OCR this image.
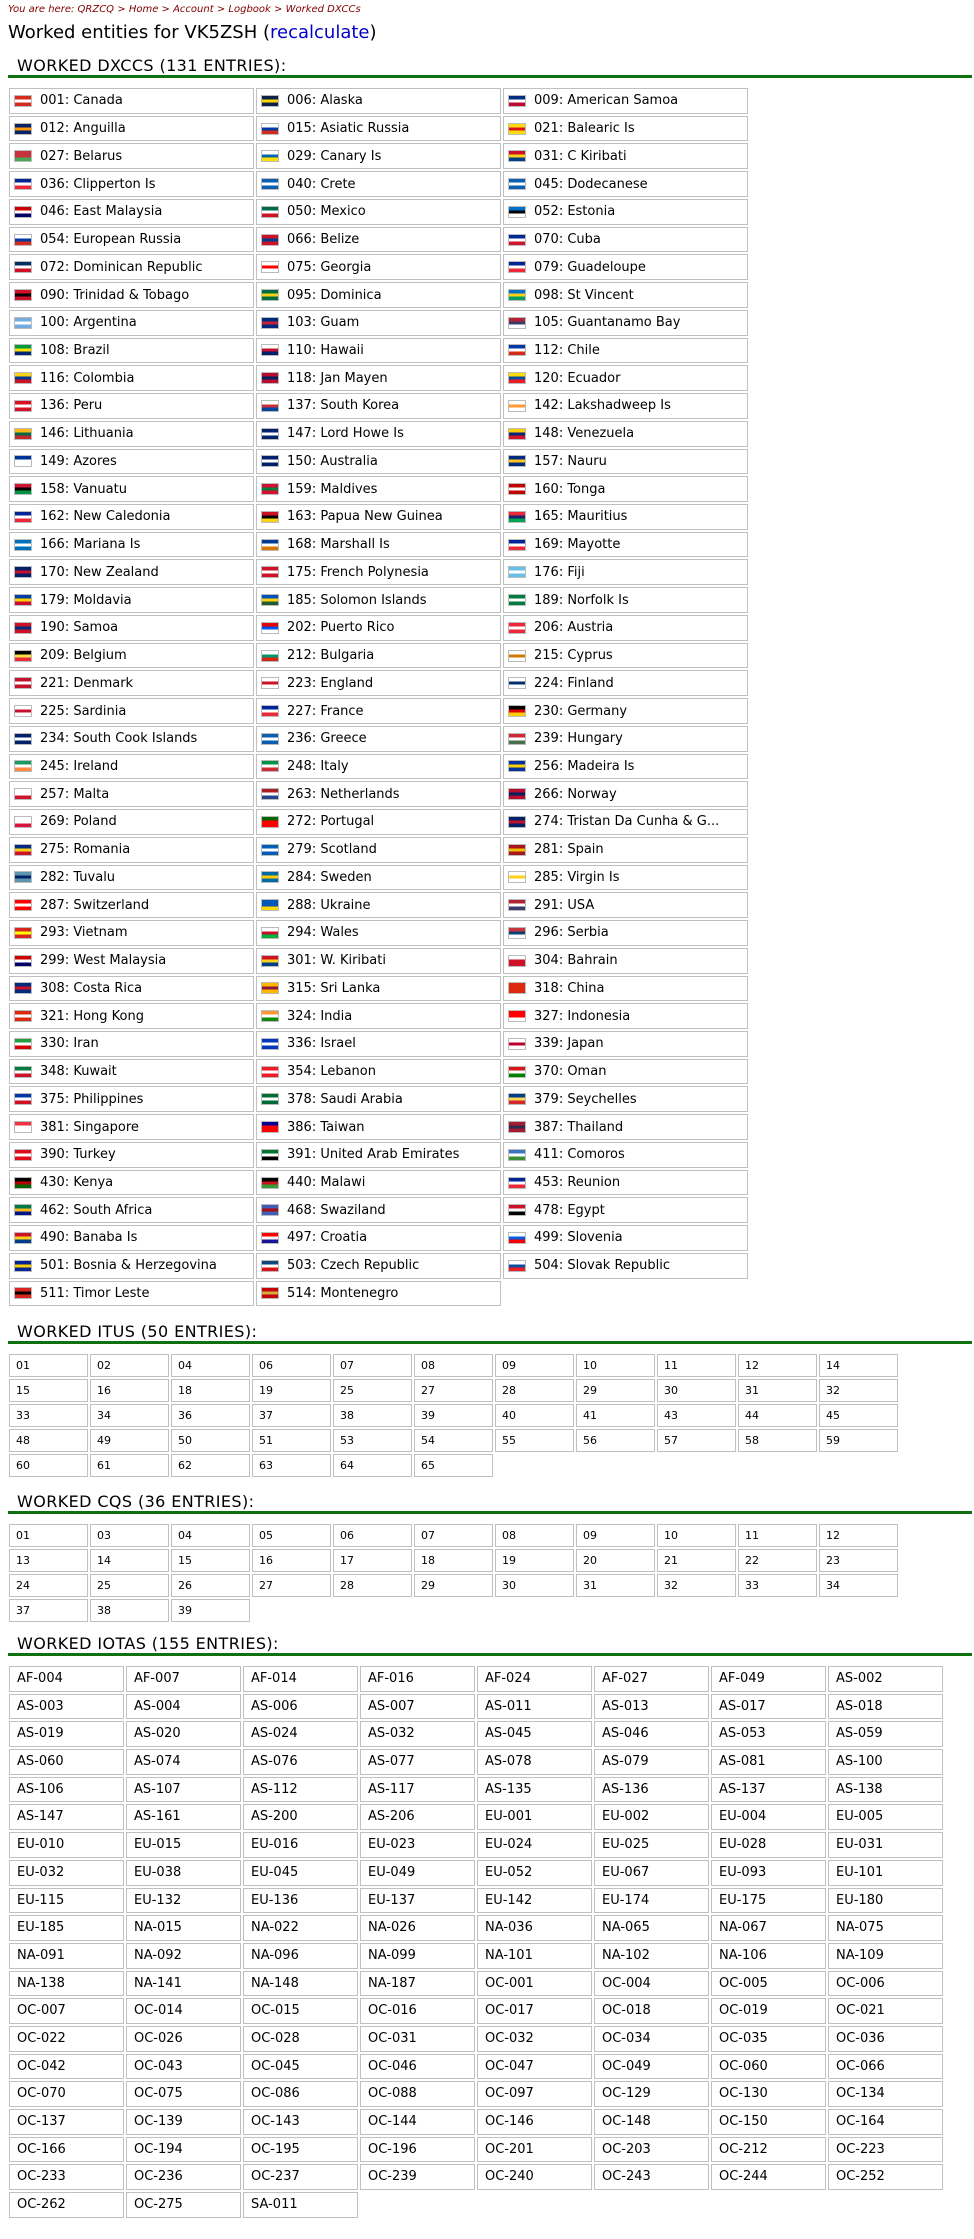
You are here: QRZCQ > Home > Account > Logbook > Worked DXCCs
Worked entities for VK5ZSH (recalculate)
WORKED DXCCS (131 ENTRIES):
001: Canada	006: Alaska	009: American Samoa
012: Anguilla	015: Asiatic Russia	021: Balearic Is
027: Belarus	029: Canary Is	031: C Kiribati
036: Clipperton Is	040: Crete	045: Dodecanese
046: East Malaysia	050: Mexico	052: Estonia
054: European Russia	066: Belize	070: Cuba
072: Dominican Republic	075: Georgia	079: Guadeloupe
090: Trinidad & Tobago	095: Dominica	098: St Vincent
100: Argentina	103: Guam	105: Guantanamo Bay
108: Brazil	110: Hawaii	112: Chile
116: Colombia	118: Jan Mayen	120: Ecuador
136: Peru	137: South Korea	142: Lakshadweep Is
146: Lithuania	147: Lord Howe Is	148: Venezuela
149: Azores	150: Australia	157: Nauru
158: Vanuatu	159: Maldives	160: Tonga
162: New Caledonia	163: Papua New Guinea	165: Mauritius
166: Mariana Is	168: Marshall Is	169: Mayotte
170: New Zealand	175: French Polynesia	176: Fiji
179: Moldavia	185: Solomon Islands	189: Norfolk Is
190: Samoa	202: Puerto Rico	206: Austria
209: Belgium	212: Bulgaria	215: Cyprus
221: Denmark	223: England	224: Finland
225: Sardinia	227: France	230: Germany
234: South Cook Islands	236: Greece	239: Hungary
245: Ireland	248: Italy	256: Madeira Is
257: Malta	263: Netherlands	266: Norway
269: Poland	272: Portugal	274: Tristan Da Cunha & G...
275: Romania	279: Scotland	281: Spain
282: Tuvalu	284: Sweden	285: Virgin Is
287: Switzerland	288: Ukraine	291: USA
293: Vietnam	294: Wales	296: Serbia
299: West Malaysia	301: W. Kiribati	304: Bahrain
308: Costa Rica	315: Sri Lanka	318: China
321: Hong Kong	324: India	327: Indonesia
330: Iran	336: Israel	339: Japan
348: Kuwait	354: Lebanon	370: Oman
375: Philippines	378: Saudi Arabia	379: Seychelles
381: Singapore	386: Taiwan	387: Thailand
390: Turkey	391: United Arab Emirates	411: Comoros
430: Kenya	440: Malawi	453: Reunion
462: South Africa	468: Swaziland	478: Egypt
490: Banaba Is	497: Croatia	499: Slovenia
501: Bosnia & Herzegovina	503: Czech Republic	504: Slovak Republic
511: Timor Leste	514: Montenegro
WORKED ITUS (50 ENTRIES):
01	02	04	06	07	08	09	10	11	12	14
15	16	18	19	25	27	28	29	30	31	32
33	34	36	37	38	39	40	41	43	44	45
48	49	50	51	53	54	55	56	57	58	59
60	61	62	63	64	65
WORKED CQS (36 ENTRIES):
01	03	04	05	06	07	08	09	10	11	12
13	14	15	16	17	18	19	20	21	22	23
24	25	26	27	28	29	30	31	32	33	34
37	38	39
WORKED IOTAS (155 ENTRIES):
AF-004	AF-007	AF-014	AF-016	AF-024	AF-027	AF-049	AS-002
AS-003	AS-004	AS-006	AS-007	AS-011	AS-013	AS-017	AS-018
AS-019	AS-020	AS-024	AS-032	AS-045	AS-046	AS-053	AS-059
AS-060	AS-074	AS-076	AS-077	AS-078	AS-079	AS-081	AS-100
AS-106	AS-107	AS-112	AS-117	AS-135	AS-136	AS-137	AS-138
AS-147	AS-161	AS-200	AS-206	EU-001	EU-002	EU-004	EU-005
EU-010	EU-015	EU-016	EU-023	EU-024	EU-025	EU-028	EU-031
EU-032	EU-038	EU-045	EU-049	EU-052	EU-067	EU-093	EU-101
EU-115	EU-132	EU-136	EU-137	EU-142	EU-174	EU-175	EU-180
EU-185	NA-015	NA-022	NA-026	NA-036	NA-065	NA-067	NA-075
NA-091	NA-092	NA-096	NA-099	NA-101	NA-102	NA-106	NA-109
NA-138	NA-141	NA-148	NA-187	OC-001	OC-004	OC-005	OC-006
OC-007	OC-014	OC-015	OC-016	OC-017	OC-018	OC-019	OC-021
OC-022	OC-026	OC-028	OC-031	OC-032	OC-034	OC-035	OC-036
OC-042	OC-043	OC-045	OC-046	OC-047	OC-049	OC-060	OC-066
OC-070	OC-075	OC-086	OC-088	OC-097	OC-129	OC-130	OC-134
OC-137	OC-139	OC-143	OC-144	OC-146	OC-148	OC-150	OC-164
OC-166	OC-194	OC-195	OC-196	OC-201	OC-203	OC-212	OC-223
OC-233	OC-236	OC-237	OC-239	OC-240	OC-243	OC-244	OC-252
OC-262	OC-275	SA-011
